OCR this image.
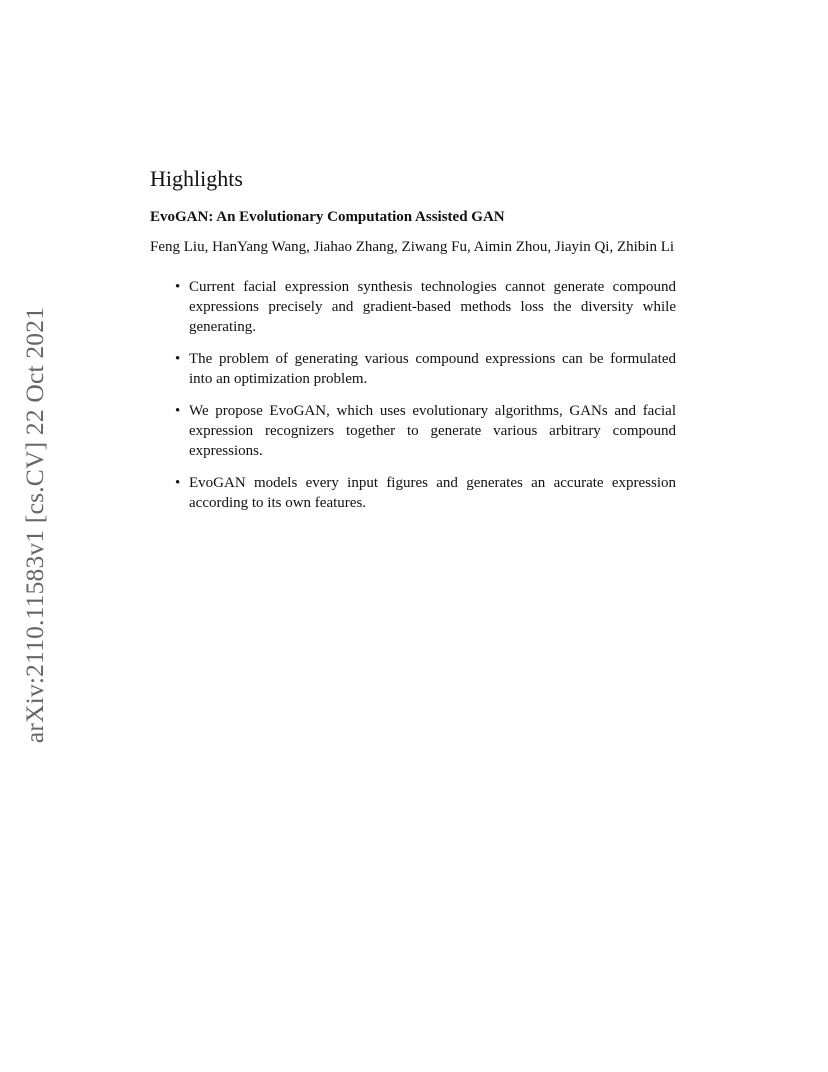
arXiv:2110.11583v1 [cs.CV] 22 Oct 2021
Highlights
EvoGAN: An Evolutionary Computation Assisted GAN
Feng Liu, HanYang Wang, Jiahao Zhang, Ziwang Fu, Aimin Zhou, Jiayin Qi, Zhibin Li
• Current facial expression synthesis technologies cannot generate compound expressions precisely and gradient-based methods loss the diversity while generating.
• The problem of generating various compound expressions can be formulated into an optimization problem.
• We propose EvoGAN, which uses evolutionary algorithms, GANs and facial expression recognizers together to generate various arbitrary compound expressions.
• EvoGAN models every input figures and generates an accurate expression according to its own features.
